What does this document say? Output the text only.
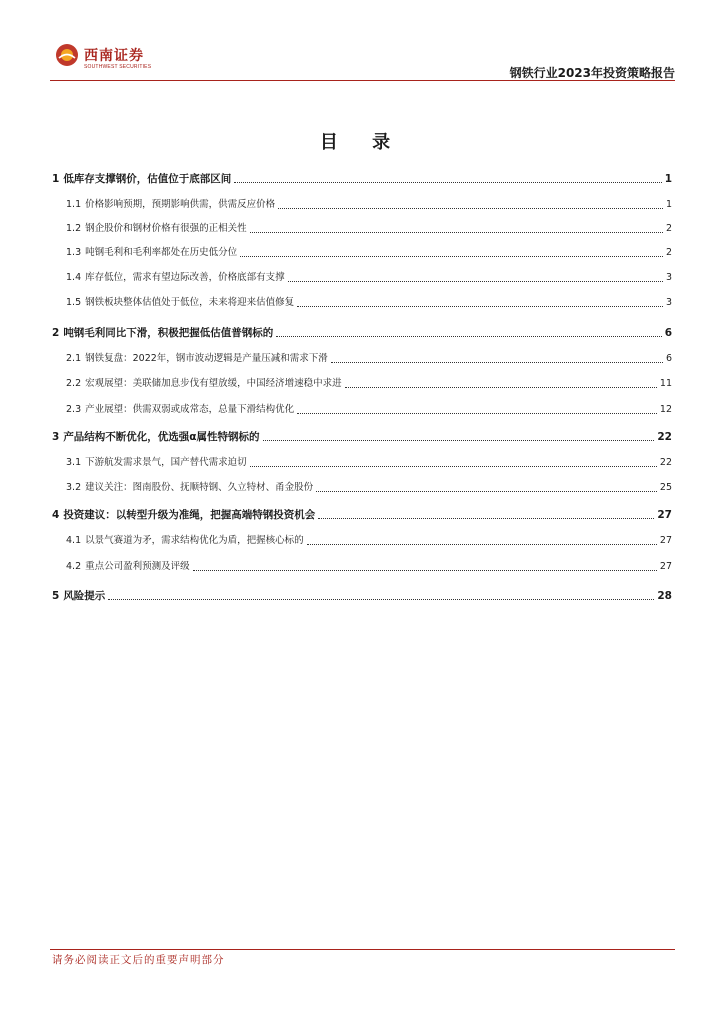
西南证券
SOUTHWEST SECURITIES	钢铁行业2023年投资策略报告
目 录
1 低库存支撑钢价，估值位于底部区间	1
1.1 价格影响预期，预期影响供需，供需反应价格	1
1.2 钢企股价和钢材价格有很强的正相关性	2
1.3 吨钢毛利和毛利率都处在历史低分位	2
1.4 库存低位，需求有望边际改善，价格底部有支撑	3
1.5 钢铁板块整体估值处于低位，未来将迎来估值修复	3
2 吨钢毛利同比下滑，积极把握低估值普钢标的	6
2.1 钢铁复盘：2022年，钢市波动逻辑是产量压减和需求下滑	6
2.2 宏观展望：美联储加息步伐有望放缓，中国经济增速稳中求进	11
2.3 产业展望：供需双弱或成常态，总量下滑结构优化	12
3 产品结构不断优化，优选强α属性特钢标的	22
3.1 下游航发需求景气，国产替代需求迫切	22
3.2 建议关注：图南股份、抚顺特钢、久立特材、甬金股份	25
4 投资建议：以转型升级为准绳，把握高端特钢投资机会	27
4.1 以景气赛道为矛，需求结构优化为盾，把握核心标的	27
4.2 重点公司盈利预测及评级	27
5 风险提示	28
请务必阅读正文后的重要声明部分
